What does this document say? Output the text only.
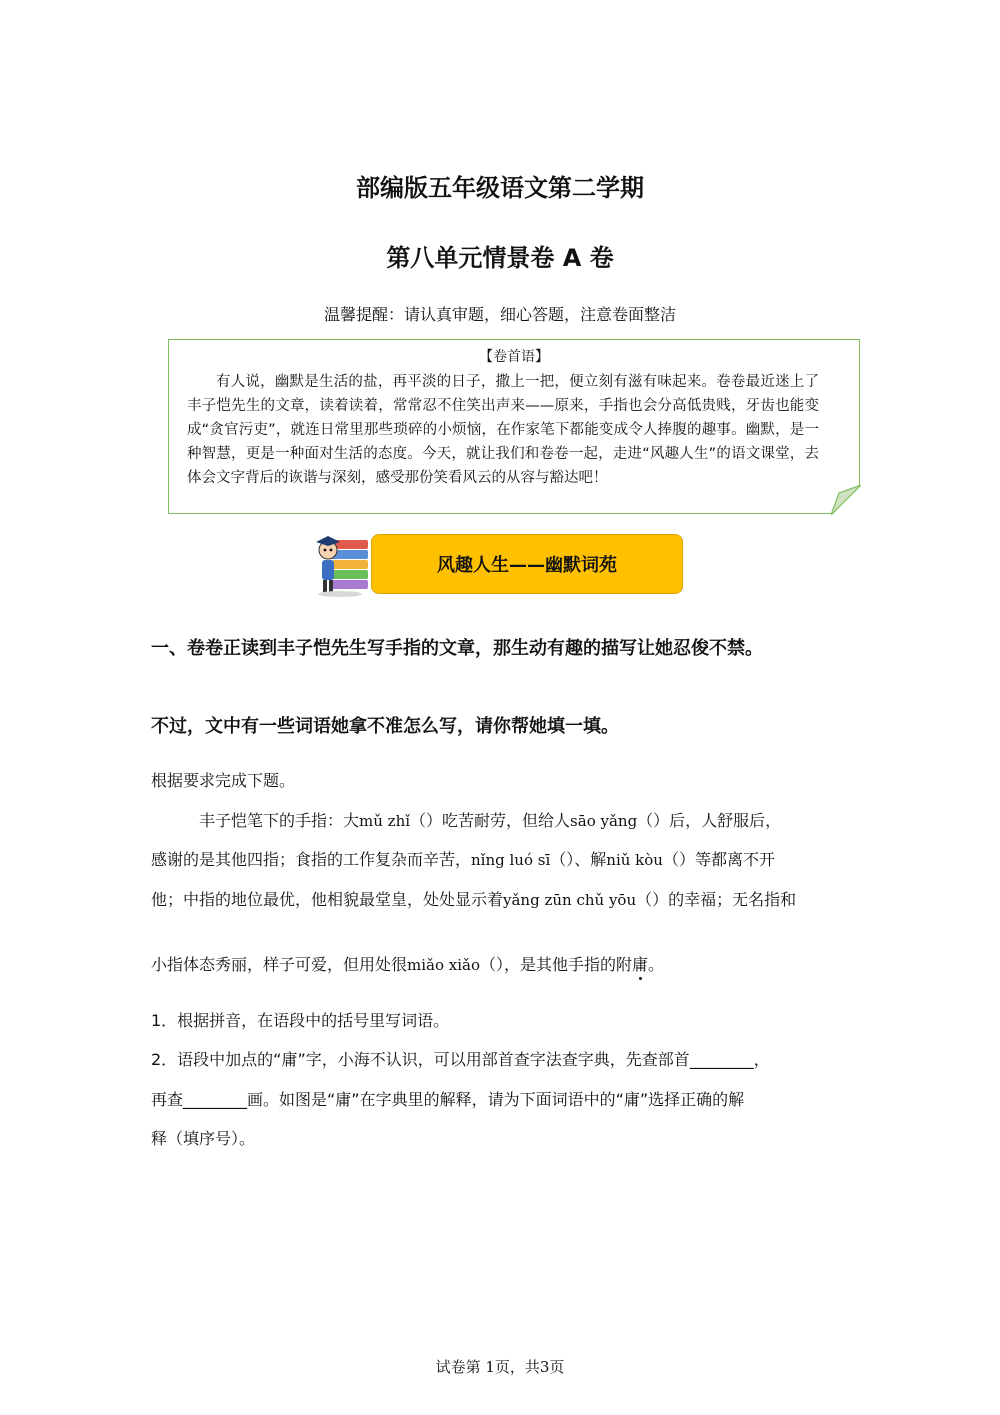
部编版五年级语文第二学期
第八单元情景卷 A 卷
温馨提醒：请认真审题，细心答题，注意卷面整洁
【卷首语】
有人说，幽默是生活的盐，再平淡的日子，撒上一把，便立刻有滋有味起来。卷卷最近迷上了丰子恺先生的文章，读着读着，常常忍不住笑出声来——原来，手指也会分高低贵贱，牙齿也能变成“贪官污吏”，就连日常里那些琐碎的小烦恼，在作家笔下都能变成令人捧腹的趣事。幽默，是一种智慧，更是一种面对生活的态度。今天，就让我们和卷卷一起，走进“风趣人生”的语文课堂，去体会文字背后的诙谐与深刻，感受那份笑看风云的从容与豁达吧！
风趣人生——幽默词苑
一、卷卷正读到丰子恺先生写手指的文章，那生动有趣的描写让她忍俊不禁。
不过，文中有一些词语她拿不准怎么写，请你帮她填一填。
根据要求完成下题。
丰子恺笔下的手指：大mǔ zhǐ（）吃苦耐劳，但给人sāo yǎng（）后，人舒服后，
感谢的是其他四指；食指的工作复杂而辛苦，nǐng luó sī（）、解niǔ kòu（）等都离不开
他；中指的地位最优，他相貌最堂皇，处处显示着yǎng zūn chǔ yōu（）的幸福；无名指和
小指体态秀丽，样子可爱，但用处很miǎo xiǎo（），是其他手指的附庸。
1．根据拼音，在语段中的括号里写词语。
2．语段中加点的“庸”字，小海不认识，可以用部首查字法查字典，先查部首________，
再查________画。如图是“庸”在字典里的解释，请为下面词语中的“庸”选择正确的解
释（填序号）。
试卷第 1页，共3页
